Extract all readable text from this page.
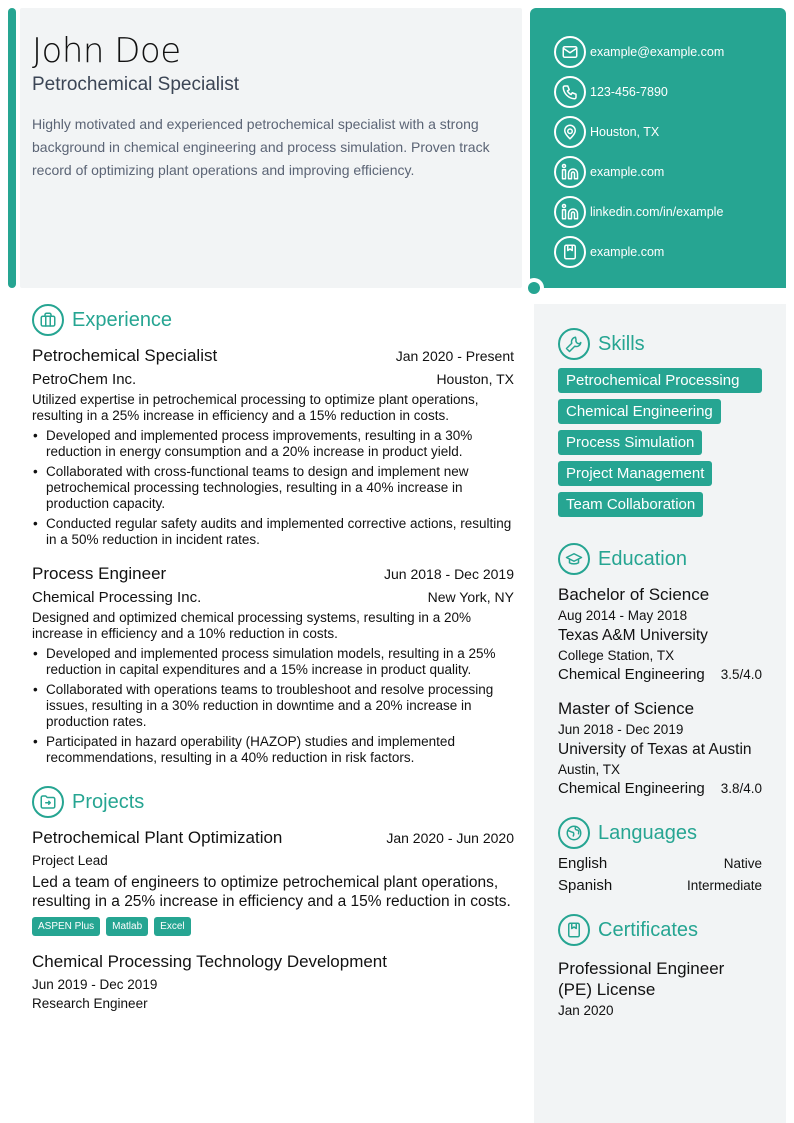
John Doe
Petrochemical Specialist
Highly motivated and experienced petrochemical specialist with a strong background in chemical engineering and process simulation. Proven track record of optimizing plant operations and improving efficiency.
example@example.com
123-456-7890
Houston, TX
example.com
linkedin.com/in/example
example.com
Experience
Petrochemical Specialist	Jan 2020 - Present
PetroChem Inc.	Houston, TX
Utilized expertise in petrochemical processing to optimize plant operations, resulting in a 25% increase in efficiency and a 15% reduction in costs.
• Developed and implemented process improvements, resulting in a 30% reduction in energy consumption and a 20% increase in product yield.
• Collaborated with cross-functional teams to design and implement new petrochemical processing technologies, resulting in a 40% increase in production capacity.
• Conducted regular safety audits and implemented corrective actions, resulting in a 50% reduction in incident rates.
Process Engineer	Jun 2018 - Dec 2019
Chemical Processing Inc.	New York, NY
Designed and optimized chemical processing systems, resulting in a 20% increase in efficiency and a 10% reduction in costs.
• Developed and implemented process simulation models, resulting in a 25% reduction in capital expenditures and a 15% increase in product quality.
• Collaborated with operations teams to troubleshoot and resolve processing issues, resulting in a 30% reduction in downtime and a 20% increase in production rates.
• Participated in hazard operability (HAZOP) studies and implemented recommendations, resulting in a 40% reduction in risk factors.
Projects
Petrochemical Plant Optimization	Jan 2020 - Jun 2020
Project Lead
Led a team of engineers to optimize petrochemical plant operations, resulting in a 25% increase in efficiency and a 15% reduction in costs.
ASPEN Plus	Matlab	Excel
Chemical Processing Technology Development
Jun 2019 - Dec 2019
Research Engineer
Skills
Petrochemical Processing
Chemical Engineering
Process Simulation
Project Management
Team Collaboration
Education
Bachelor of Science
Aug 2014 - May 2018
Texas A&M University
College Station, TX
Chemical Engineering 3.5/4.0
Master of Science
Jun 2018 - Dec 2019
University of Texas at Austin
Austin, TX
Chemical Engineering 3.8/4.0
Languages
English	Native
Spanish	Intermediate
Certificates
Professional Engineer (PE) License
Jan 2020
